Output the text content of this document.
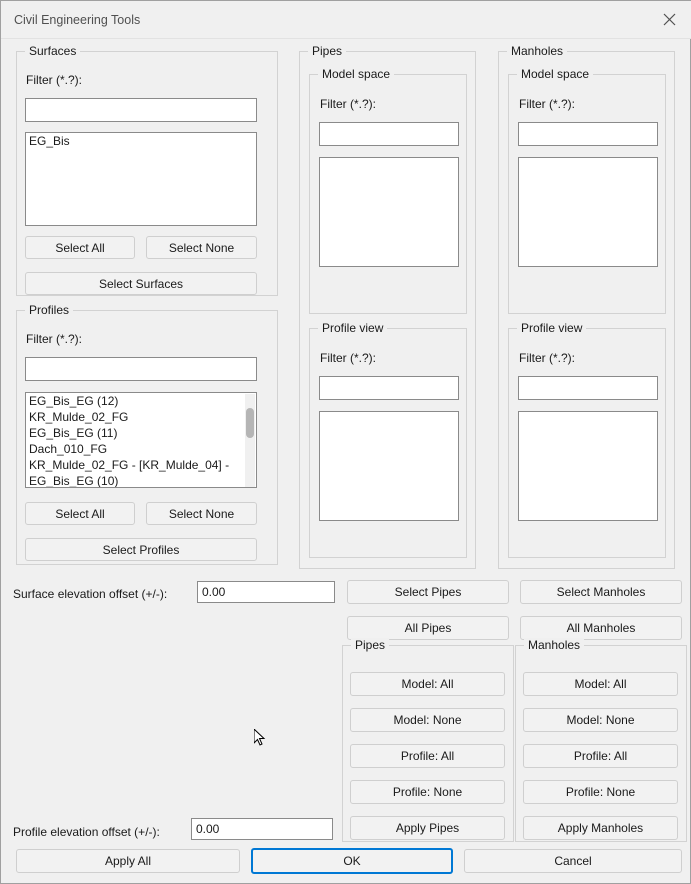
Civil Engineering Tools
Surfaces
Filter (*.?):
EG_Bis
Select All	Select None
Select Surfaces
Profiles
Filter (*.?):
EG_Bis_EG (12)
KR_Mulde_02_FG
EG_Bis_EG (11)
Dach_010_FG
KR_Mulde_02_FG - [KR_Mulde_04] -
EG_Bis_EG (10)
Select All	Select None
Select Profiles
Pipes
Model space
Filter (*.?):
Profile view
Filter (*.?):
Manholes
Model space
Filter (*.?):
Profile view
Filter (*.?):
Surface elevation offset (+/-):
0.00	Select Pipes	Select Manholes
All Pipes	All Manholes
Pipes
Model: All
Model: None
Profile: All
Profile: None
Apply Pipes
Manholes
Model: All
Model: None
Profile: All
Profile: None
Apply Manholes
Profile elevation offset (+/-):
0.00
Apply All	OK	Cancel
